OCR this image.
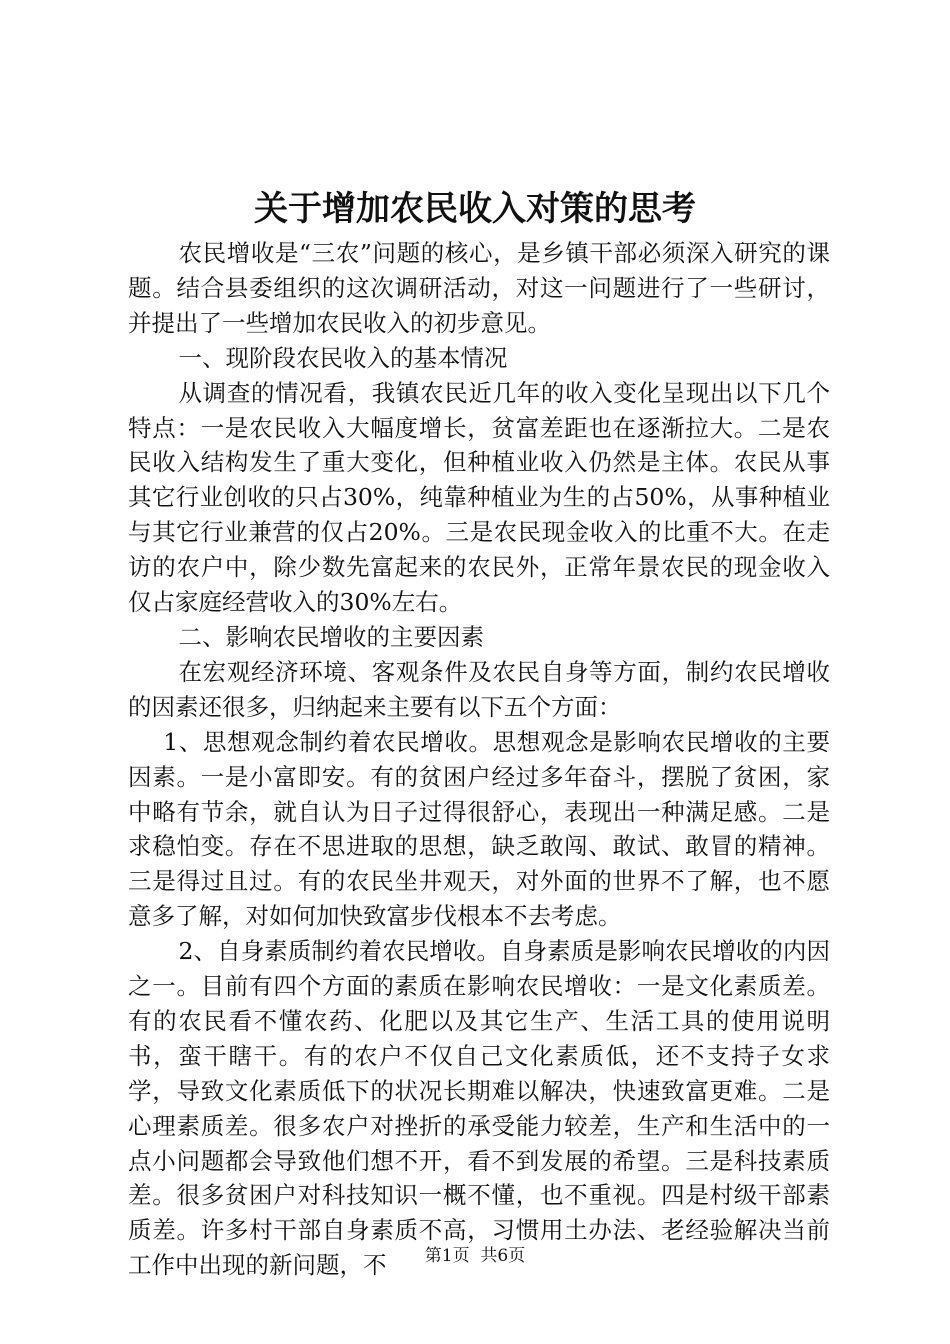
关于增加农民收入对策的思考

农民增收是“三农”问题的核心，是乡镇干部必须深入研究的课题。结合县委组织的这次调研活动，对这一问题进行了一些研讨，并提出了一些增加农民收入的初步意见。

一、现阶段农民收入的基本情况

从调查的情况看，我镇农民近几年的收入变化呈现出以下几个特点：一是农民收入大幅度增长，贫富差距也在逐渐拉大。二是农民收入结构发生了重大变化，但种植业收入仍然是主体。农民从事其它行业创收的只占30%，纯靠种植业为生的占50%，从事种植业与其它行业兼营的仅占20%。三是农民现金收入的比重不大。在走访的农户中，除少数先富起来的农民外，正常年景农民的现金收入仅占家庭经营收入的30%左右。

二、影响农民增收的主要因素

在宏观经济环境、客观条件及农民自身等方面，制约农民增收的因素还很多，归纳起来主要有以下五个方面：

1、思想观念制约着农民增收。思想观念是影响农民增收的主要因素。一是小富即安。有的贫困户经过多年奋斗，摆脱了贫困，家中略有节余，就自认为日子过得很舒心，表现出一种满足感。二是求稳怕变。存在不思进取的思想，缺乏敢闯、敢试、敢冒的精神。三是得过且过。有的农民坐井观天，对外面的世界不了解，也不愿意多了解，对如何加快致富步伐根本不去考虑。

2、自身素质制约着农民增收。自身素质是影响农民增收的内因之一。目前有四个方面的素质在影响农民增收：一是文化素质差。有的农民看不懂农药、化肥以及其它生产、生活工具的使用说明书，蛮干瞎干。有的农户不仅自己文化素质低，还不支持子女求学，导致文化素质低下的状况长期难以解决，快速致富更难。二是心理素质差。很多农户对挫折的承受能力较差，生产和生活中的一点小问题都会导致他们想不开，看不到发展的希望。三是科技素质差。很多贫困户对科技知识一概不懂，也不重视。四是村级干部素质差。许多村干部自身素质不高，习惯用土办法、老经验解决当前工作中出现的新问题，不	第1页  共6页
